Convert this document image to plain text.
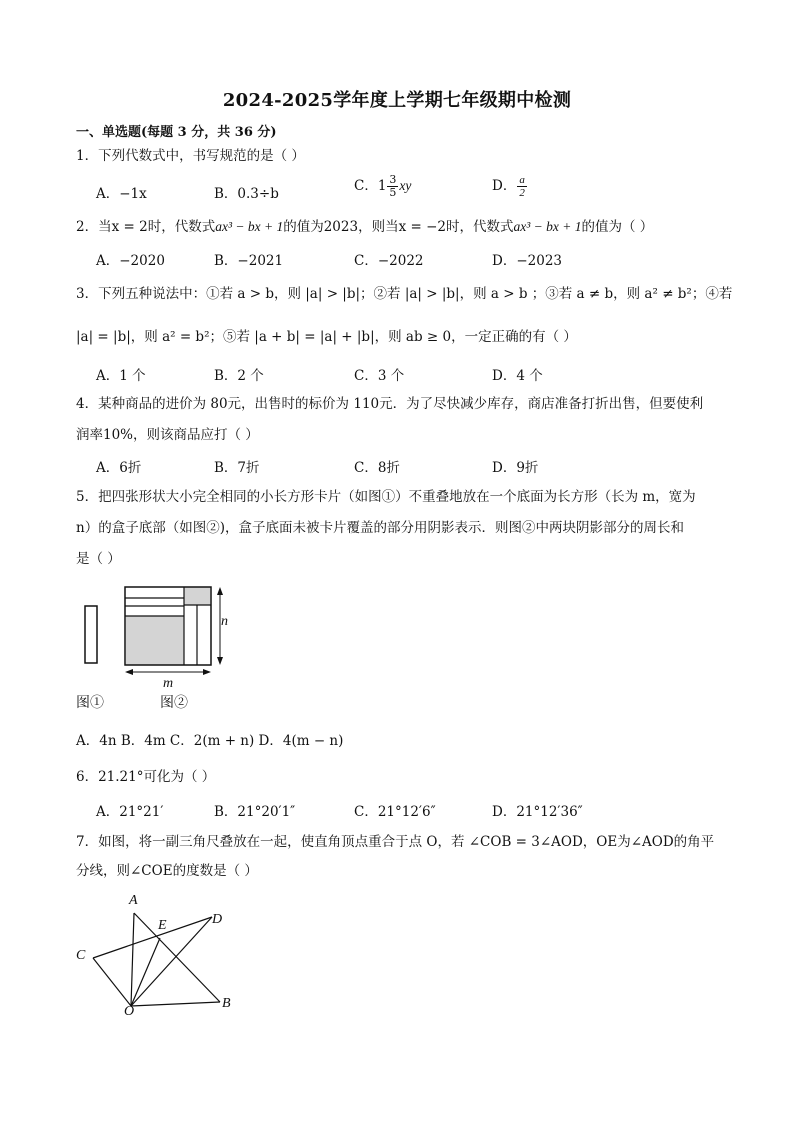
2024-2025学年度上学期七年级期中检测
一、单选题(每题 3 分，共 36 分)
1．下列代数式中，书写规范的是（ ）
A．−1x	B．0.3÷b	C．$1 \frac{3}{5}$ xy	D． $\frac{a}{2}$
2．当x = 2时，代数式ax³ − bx + 1的值为2023，则当x = −2时，代数式ax³ − bx + 1的值为（ ）
A．−2020	B．−2021	C．−2022	D．−2023
3．下列五种说法中：①若 a > b，则 |a| > |b|；②若 |a| > |b|，则 a > b ；③若 a ≠ b，则 a² ≠ b²；④若
|a| = |b|，则 a² = b²；⑤若 |a + b| = |a| + |b|，则 ab ≥ 0，一定正确的有（ ）
A．1 个	B．2 个	C．3 个	D．4 个
4．某种商品的进价为 80元，出售时的标价为 110元．为了尽快减少库存，商店准备打折出售，但要使利
润率10%，则该商品应打（ ）
A．6折	B．7折	C．8折	D．9折
5．把四张形状大小完全相同的小长方形卡片（如图①）不重叠地放在一个底面为长方形（长为 m，宽为
n）的盒子底部（如图②)，盒子底面未被卡片覆盖的部分用阴影表示．则图②中两块阴影部分的周长和
是（ ）
n
m
图①	图②
A．4n B．4m C．2(m + n) D．4(m − n)
6．21.21°可化为（ ）
A．21°21′	B．21°20′1″	C．21°12′6″	D．21°12′36″
7．如图，将一副三角尺叠放在一起，使直角顶点重合于点 O，若 ∠COB = 3∠AOD，OE为∠AOD的角平
分线，则∠COE的度数是（ ）
A
E	D
C
O
B
